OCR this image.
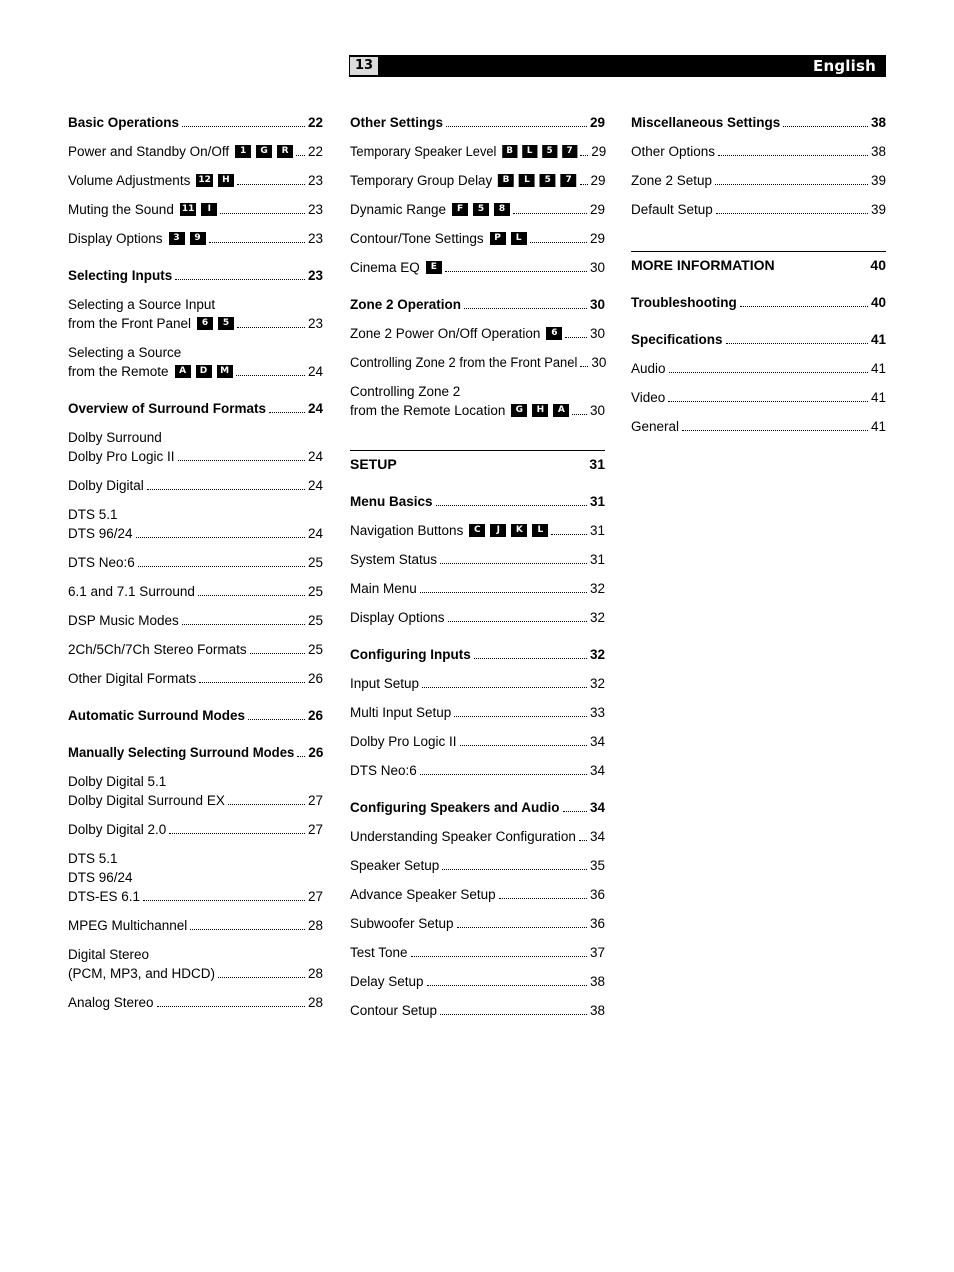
13	English
Basic Operations	22
Power and Standby On/Off	1	G	R	22
Volume Adjustments 12	H	23
Muting the Sound 11	I	23
Display Options	3	9	23
Selecting Inputs	23
Selecting a Source Input
from the Front Panel	6	5	23
Selecting a Source
from the Remote	A	D	M	24
Overview of Surround Formats	24
Dolby Surround
Dolby Pro Logic II	24
Dolby Digital	24
DTS 5.1
DTS 96/24	24
DTS Neo:6	25
6.1 and 7.1 Surround	25
DSP Music Modes	25
2Ch/5Ch/7Ch Stereo Formats	25
Other Digital Formats	26
Automatic Surround Modes	26
Manually Selecting Surround Modes 26
Dolby Digital 5.1
Dolby Digital Surround EX	27
Dolby Digital 2.0	27
DTS 5.1
DTS 96/24
DTS-ES 6.1	27
MPEG Multichannel	28
Digital Stereo
(PCM, MP3, and HDCD)	28
Analog Stereo	28
Other Settings	29
Temporary Speaker Level	B	L	5	7	29
Temporary Group Delay	B	L	5	7	29
Dynamic Range	F	5	8	29
Contour/Tone Settings	P	L	29
Cinema EQ	E	30
Zone 2 Operation	30
Zone 2 Power On/Off Operation	6	30
Controlling Zone 2 from the Front Panel 30
Controlling Zone 2
from the Remote Location	G	H	A	30
SETUP	31
Menu Basics	31
Navigation Buttons	C	J	K	L	31
System Status	31
Main Menu	32
Display Options	32
Configuring Inputs	32
Input Setup	32
Multi Input Setup	33
Dolby Pro Logic II	34
DTS Neo:6	34
Configuring Speakers and Audio 34
Understanding Speaker Configuration 34
Speaker Setup	35
Advance Speaker Setup	36
Subwoofer Setup	36
Test Tone	37
Delay Setup	38
Contour Setup	38
Miscellaneous Settings	38
Other Options	38
Zone 2 Setup	39
Default Setup	39
MORE INFORMATION	40
Troubleshooting	40
Specifications	41
Audio	41
Video	41
General	41
